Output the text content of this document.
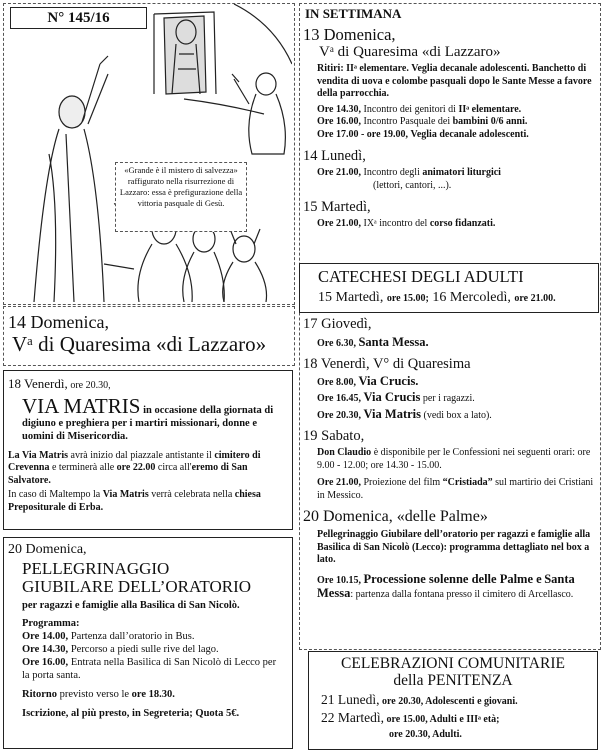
N° 145/16
«Grande è il mistero di salvezza» raffigurato nella risurrezione di Lazzaro: essa è prefigurazione della vittoria pasquale di Gesù.
14 Domenica,
Vᵃ di Quaresima «di Lazzaro»

18 Venerdì, ore 20.30,

VIA MATRIS in occasione della giornata di digiuno e preghiera per i martiri missionari, donne e uomini di Misericordia.

La Via Matris avrà inizio dal piazzale antistante il cimitero di Crevenna e terminerà alle ore 22.00 circa all'eremo di San Salvatore.

In caso di Maltempo la Via Matris verrà celebrata nella chiesa Prepositurale di Erba.

20 Domenica,
PELLEGRINAGGIO
GIUBILARE DELL’ORATORIO

per ragazzi e famiglie alla Basilica di San Nicolò.

Programma:

Ore 14.00, Partenza dall’oratorio in Bus.

Ore 14.30, Percorso a piedi sulle rive del lago.

Ore 16.00, Entrata nella Basilica di San Nicolò di Lecco per la porta santa.

Ritorno previsto verso le ore 18.30.

Iscrizione, al più presto, in Segreteria; Quota 5€.

IN SETTIMANA
13 Domenica,
Vᵃ di Quaresima «di Lazzaro»

Ritiri: IIᵃ elementare. Veglia decanale adolescenti. Banchetto di vendita di uova e colombe pasquali dopo le Sante Messe a favore della parrocchia.

Ore 14.30, Incontro dei genitori di IIᵃ elementare.

Ore 16.00, Incontro Pasquale dei bambini 0/6 anni.

Ore 17.00 - ore 19.00, Veglia decanale adolescenti.

14 Lunedì,

Ore 21.00, Incontro degli animatori liturgici

(lettori, cantori, ...).

15 Martedì,

Ore 21.00, IXᵃ incontro del corso fidanzati.

CATECHESI DEGLI ADULTI
15 Martedì, ore 15.00; 16 Mercoledì, ore 21.00.
17 Giovedì,

Ore 6.30, Santa Messa.

18 Venerdì, V° di Quaresima

Ore 8.00, Via Crucis.

Ore 16.45, Via Crucis per i ragazzi.

Ore 20.30, Via Matris (vedi box a lato).

19 Sabato,

Don Claudio è disponibile per le Confessioni nei seguenti orari: ore 9.00 - 12.00; ore 14.30 - 15.00.

Ore 21.00, Proiezione del film “Cristiada” sul martirio dei Cristiani in Messico.

20 Domenica, «delle Palme»

Pellegrinaggio Giubilare dell’oratorio per ragazzi e famiglie alla Basilica di San Nicolò (Lecco): programma dettagliato nel box a lato.

Ore 10.15, Processione solenne delle Palme e Santa Messa: partenza dalla fontana presso il cimitero di Arcellasco.

CELEBRAZIONI COMUNITARIE
della PENITENZA

21 Lunedì, ore 20.30, Adolescenti e giovani.

22 Martedì, ore 15.00, Adulti e IIIᵃ età;

ore 20.30, Adulti.
